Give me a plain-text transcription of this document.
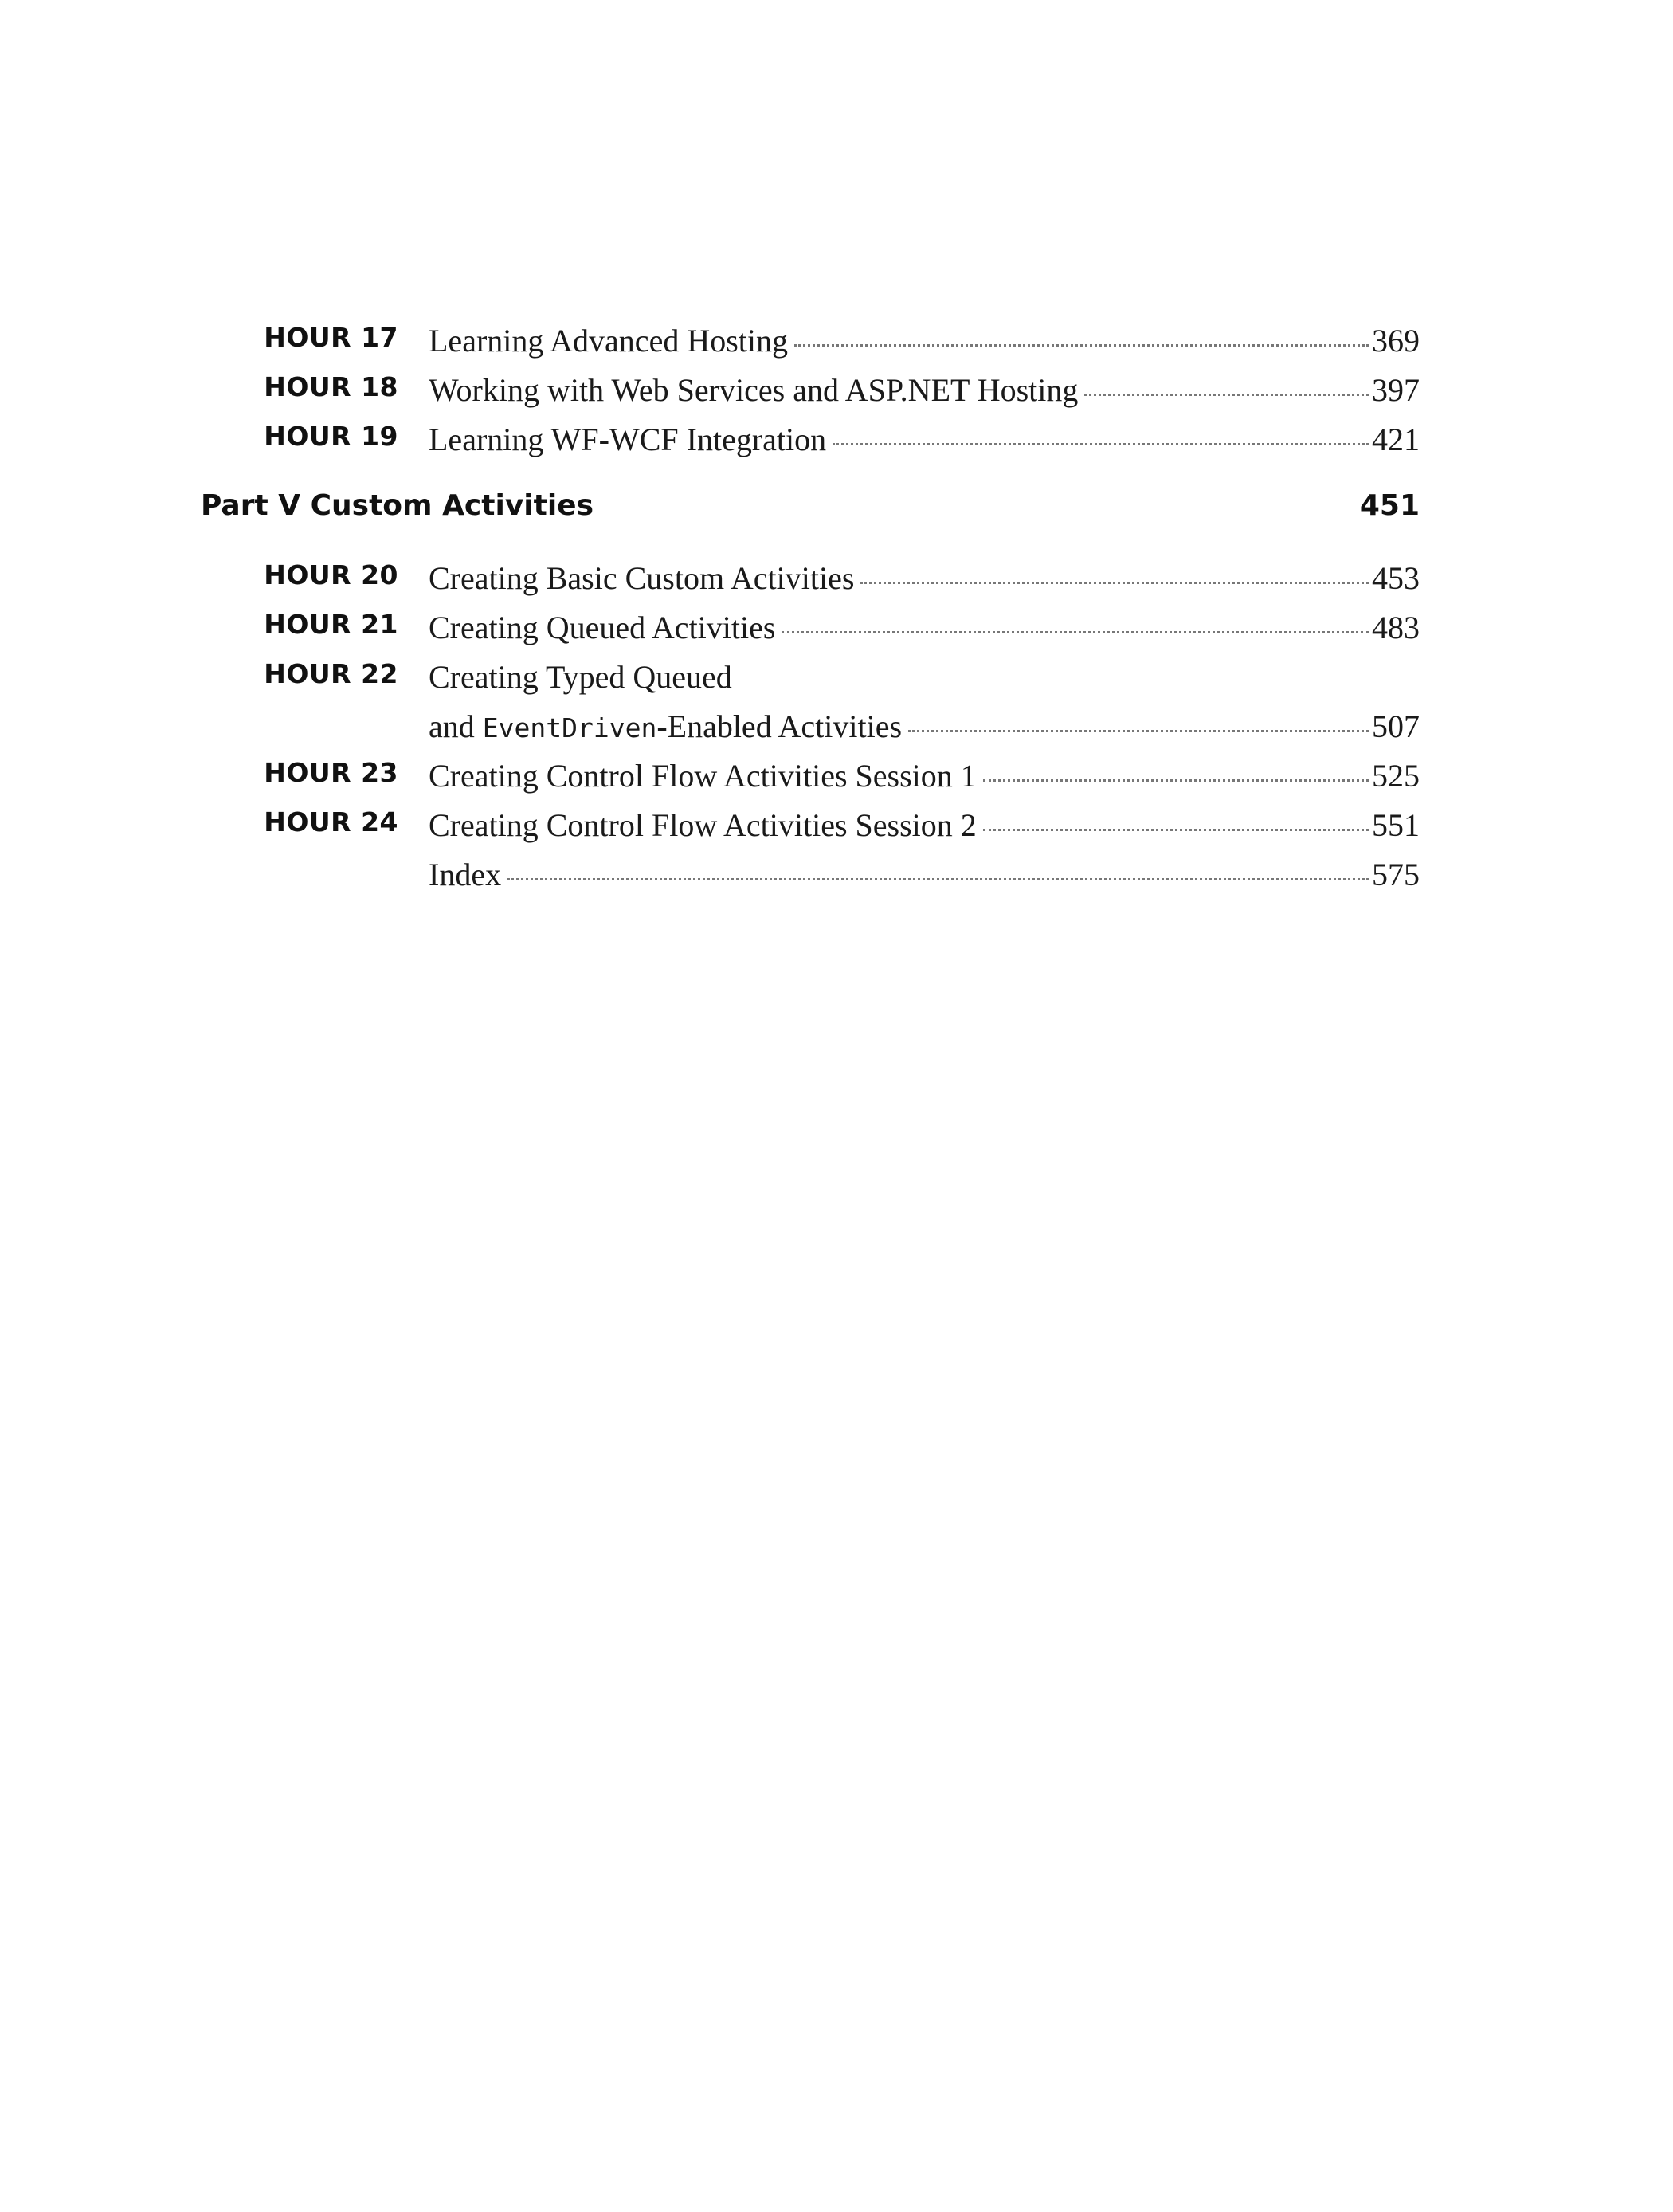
HOUR 17 Learning Advanced Hosting	369
HOUR 18 Working with Web Services and ASP.NET Hosting	397
HOUR 19 Learning WF-WCF Integration	421
Part V Custom Activities	451
HOUR 20 Creating Basic Custom Activities	453
HOUR 21 Creating Queued Activities	483
HOUR 22 Creating Typed Queued
and EventDriven-Enabled Activities	507
HOUR 23 Creating Control Flow Activities Session 1	525
HOUR 24 Creating Control Flow Activities Session 2	551
Index	575
